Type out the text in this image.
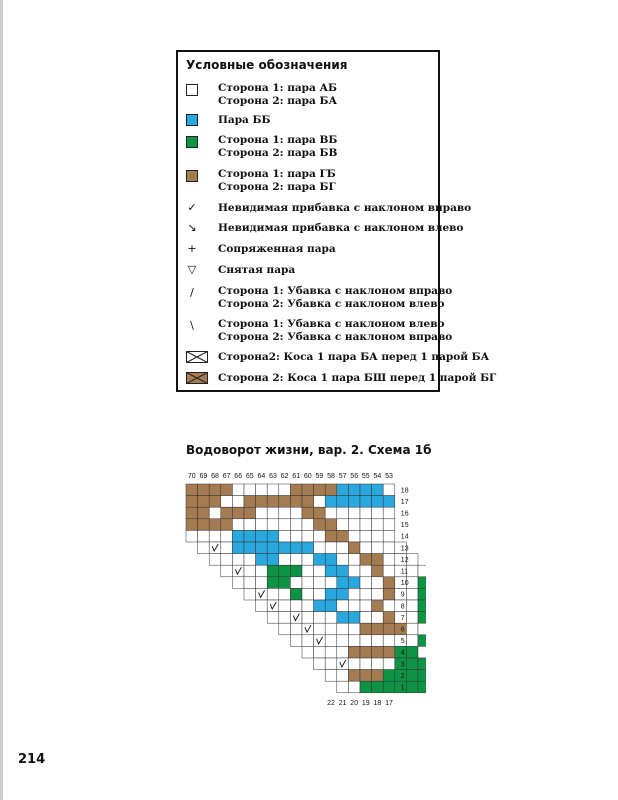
Условные обозначения
Сторона 1: пара АБ
Сторона 2: пара БА
Пара ББ
Сторона 1: пара ВБ
Сторона 2: пара БВ
Сторона 1: пара ГБ
Сторона 2: пара БГ
✓ Невидимая прибавка с наклоном вправо
↘ Невидимая прибавка с наклоном влево
+ Сопряженная пара
▽ Снятая пара
/	Сторона 1: Убавка с наклоном вправо
Сторона 2: Убавка с наклоном влево
\	Сторона 1: Убавка с наклоном влево
Сторона 2: Убавка с наклоном вправо
Сторона2: Коса 1 пара БА перед 1 парой БА
Сторона 2: Коса 1 пара БШ перед 1 парой БГ
Водоворот жизни, вар. 2. Схема 1б
70 69 68 67 66 65 64 63 62 61 60 59 58 57 56 55 54 53
18
17
16
15
14
13
12
11
10
9
8
7
6
5
4
3
2
1
22 21 20 19 18 17
214
